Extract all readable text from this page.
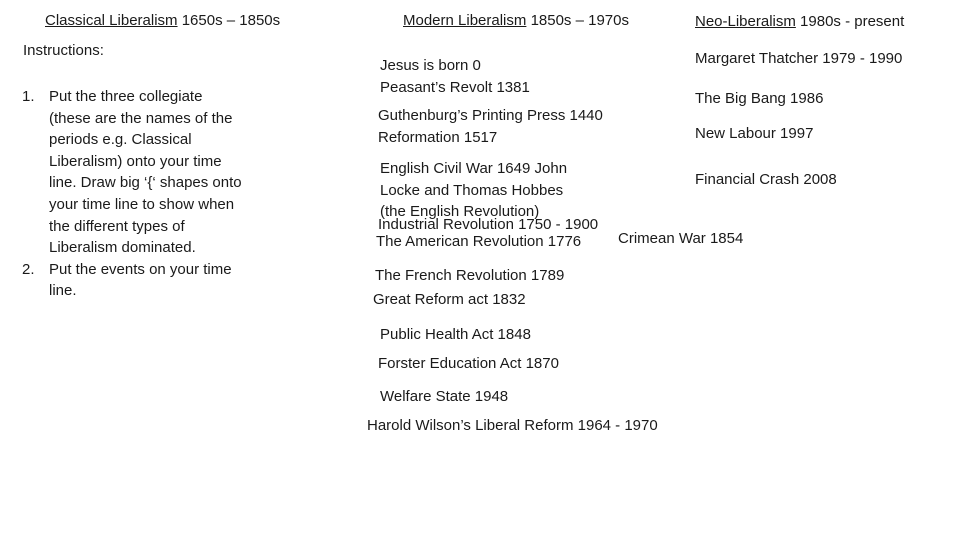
Classical Liberalism 1650s – 1850s	Modern Liberalism 1850s – 1970s	Neo-Liberalism 1980s - present
Instructions:
1. Put the three collegiate (these are the names of the periods e.g. Classical Liberalism) onto your time line. Draw big ‘{‘ shapes onto your time line to show when the different types of Liberalism dominated.
2. Put the events on your time line.
Jesus is born 0
Peasant’s Revolt 1381
Guthenburg’s Printing Press 1440
Reformation 1517
English Civil War 1649 John Locke and Thomas Hobbes (the English Revolution)
Industrial Revolution 1750 - 1900
The American Revolution 1776 Crimean War 1854
The French Revolution 1789
Great Reform act 1832
Public Health Act 1848
Forster Education Act 1870
Welfare State 1948
Harold Wilson’s Liberal Reform 1964 - 1970
Margaret Thatcher 1979 - 1990
The Big Bang 1986
New Labour 1997
Financial Crash 2008
